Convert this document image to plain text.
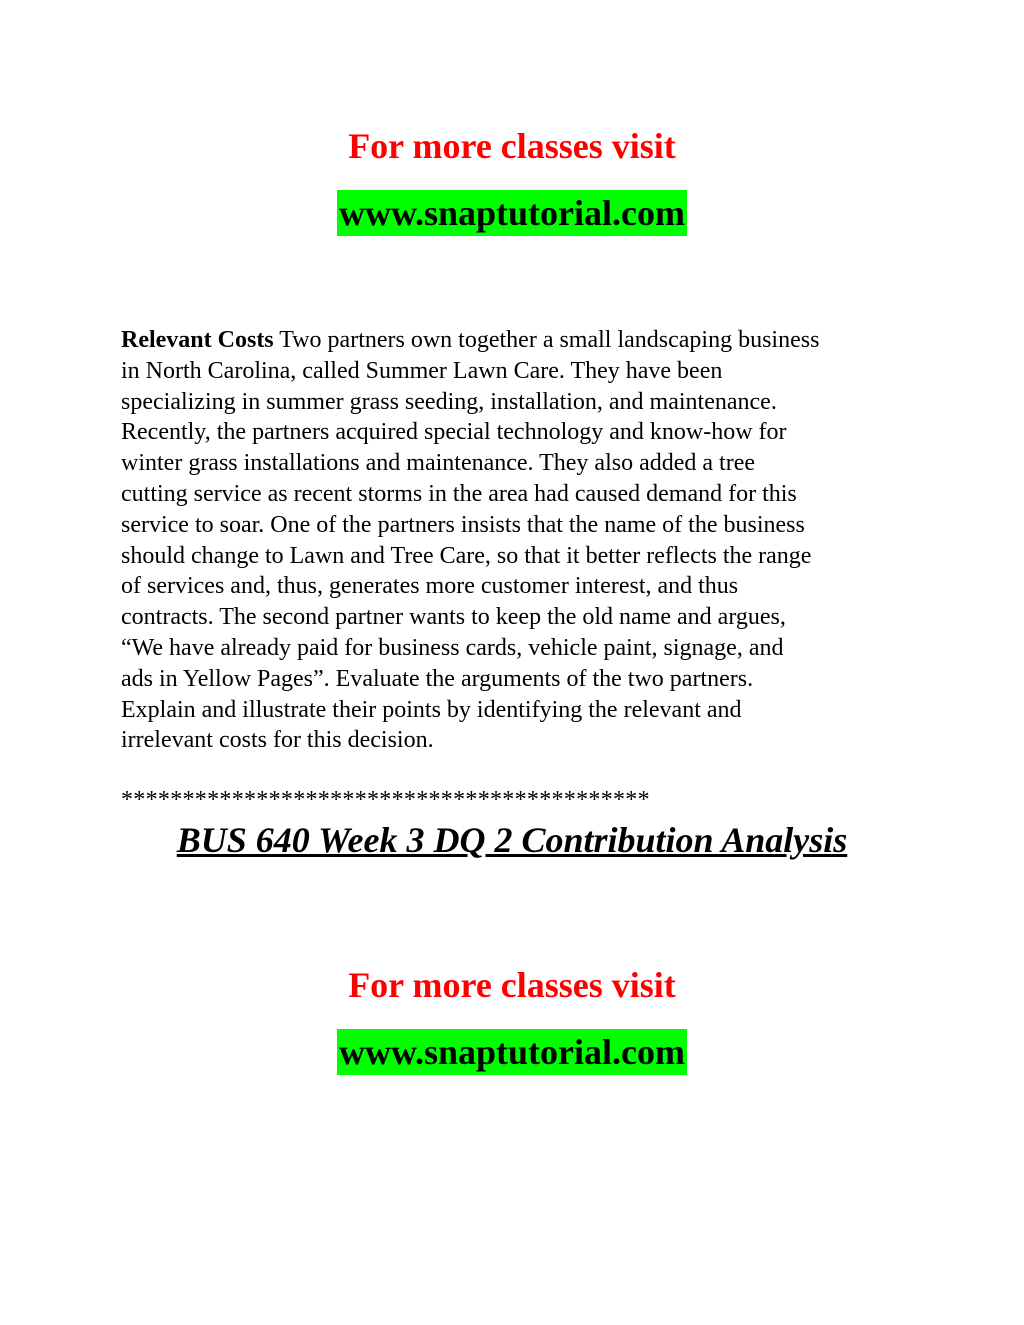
For more classes visit
www.snaptutorial.com
Relevant Costs Two partners own together a small landscaping business
in North Carolina, called Summer Lawn Care. They have been
specializing in summer grass seeding, installation, and maintenance.
Recently, the partners acquired special technology and know-how for
winter grass installations and maintenance. They also added a tree
cutting service as recent storms in the area had caused demand for this
service to soar. One of the partners insists that the name of the business
should change to Lawn and Tree Care, so that it better reflects the range
of services and, thus, generates more customer interest, and thus
contracts. The second partner wants to keep the old name and argues,
“We have already paid for business cards, vehicle paint, signage, and
ads in Yellow Pages”. Evaluate the arguments of the two partners.
Explain and illustrate their points by identifying the relevant and
irrelevant costs for this decision.
*******************************************
BUS 640 Week 3 DQ 2 Contribution Analysis
For more classes visit
www.snaptutorial.com
